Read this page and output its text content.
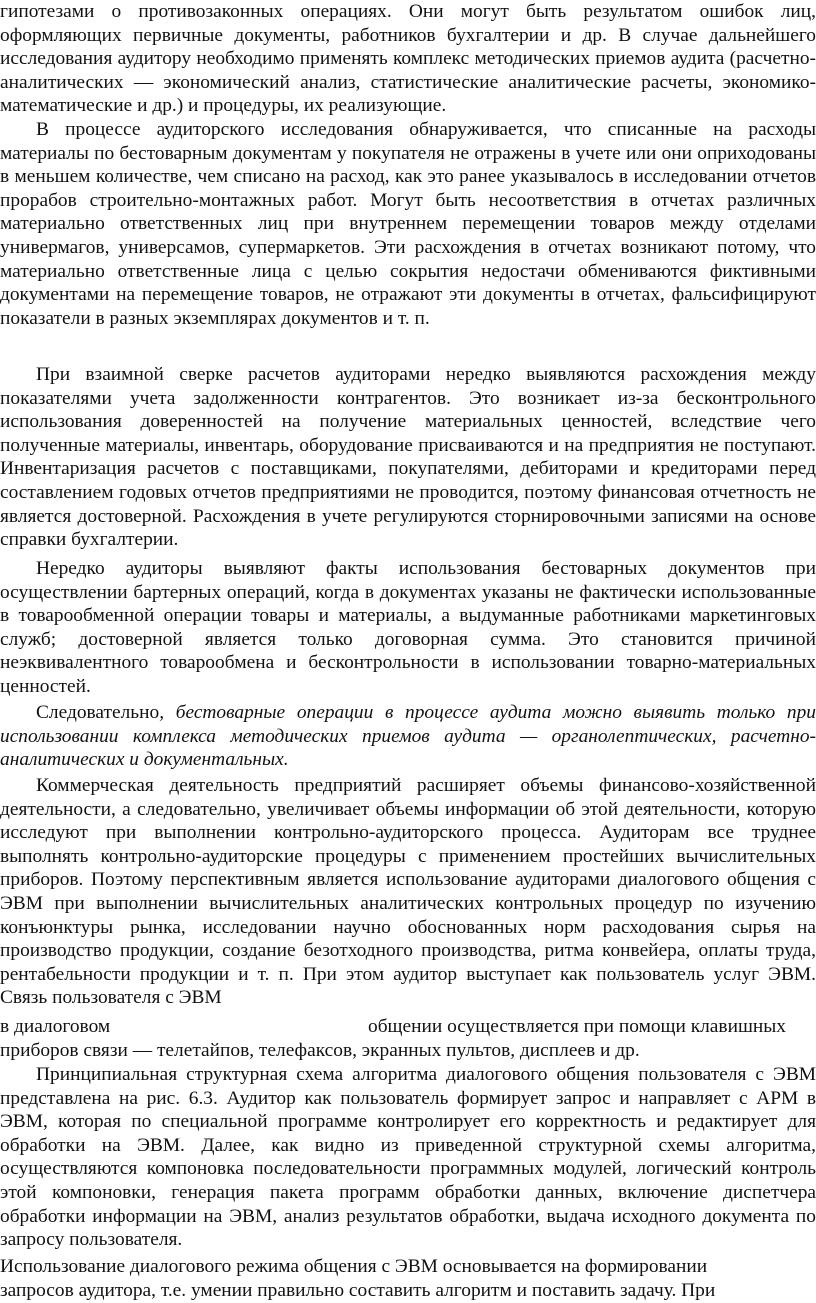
гипотезами о противозаконных операциях. Они могут быть результатом ошибок лиц, оформляющих первичные документы, работников бухгалтерии и др. В случае дальнейшего исследования аудитору необходимо применять комплекс методических приемов аудита (расчетно-аналитических — экономический анализ, статистические аналитические расчеты, экономико-математические и др.) и процедуры, их реализующие.

В процессе аудиторского исследования обнаруживается, что списанные на расходы материалы по бестоварным документам у покупателя не отражены в учете или они оприходованы в меньшем количестве, чем списано на расход, как это ранее указывалось в исследовании отчетов прорабов строительно-монтажных работ. Могут быть несоответствия в отчетах различных материально ответственных лиц при внутреннем перемещении товаров между отделами универмагов, универсамов, супермаркетов. Эти расхождения в отчетах возникают потому, что материально ответственные лица с целью сокрытия недостачи обмениваются фиктивными документами на перемещение товаров, не отражают эти документы в отчетах, фальсифицируют показатели в разных экземплярах документов и т. п.

При взаимной сверке расчетов аудиторами нередко выявляются расхождения между показателями учета задолженности контрагентов. Это возникает из-за бесконтрольного использования доверенностей на получение материальных ценностей, вследствие чего полученные материалы, инвентарь, оборудование присваиваются и на предприятия не поступают. Инвентаризация расчетов с поставщиками, покупателями, дебиторами и кредиторами перед составлением годовых отчетов предприятиями не проводится, поэтому финансовая отчетность не является достоверной. Расхождения в учете регулируются сторнировочными записями на основе справки бухгалтерии.

Нередко аудиторы выявляют факты использования бестоварных документов при осуществлении бартерных операций, когда в документах указаны не фактически использованные в товарообменной операции товары и материалы, а выдуманные работниками маркетинговых служб; достоверной является только договорная сумма. Это становится причиной неэквивалентного товарообмена и бесконтрольности в использовании товарно-материальных ценностей.

Следовательно, бестоварные операции в процессе аудита можно выявить только при использовании комплекса методических приемов аудита — органолептических, расчетно-аналитических и документальных.

Коммерческая деятельность предприятий расширяет объемы финансово-хозяйственной деятельности, а следовательно, увеличивает объемы информации об этой деятельности, которую исследуют при выполнении контрольно-аудиторского процесса. Аудиторам все труднее выполнять контрольно-аудиторские процедуры с применением простейших вычислительных приборов. Поэтому перспективным является использование аудиторами диалогового общения с ЭВМ при выполнении вычислительных аналитических контрольных процедур по изучению конъюнктуры рынка, исследовании научно обоснованных норм расходования сырья на производство продукции, создание безотходного производства, ритма конвейера, оплаты труда, рентабельности продукции и т. п. При этом аудитор выступает как пользователь услуг ЭВМ. Связь пользователя с ЭВМ

в диалоговом	общении осуществляется при помощи клавишных

приборов связи — телетайпов, телефаксов, экранных пультов, дисплеев и др.

Принципиальная структурная схема алгоритма диалогового общения пользователя с ЭВМ представлена на рис. 6.3. Аудитор как пользователь формирует запрос и направляет с АРМ в ЭВМ, которая по специальной программе контролирует его корректность и редактирует для обработки на ЭВМ. Далее, как видно из приведенной структурной схемы алгоритма, осуществляются компоновка последовательности программных модулей, логический контроль этой компоновки, генерация пакета программ обработки данных, включение диспетчера обработки информации на ЭВМ, анализ результатов обработки, выдача исходного документа по запросу пользователя.

Использование диалогового режима общения с ЭВМ основывается на формировании

запросов аудитора, т.е. умении правильно составить алгоритм и поставить задачу. При
